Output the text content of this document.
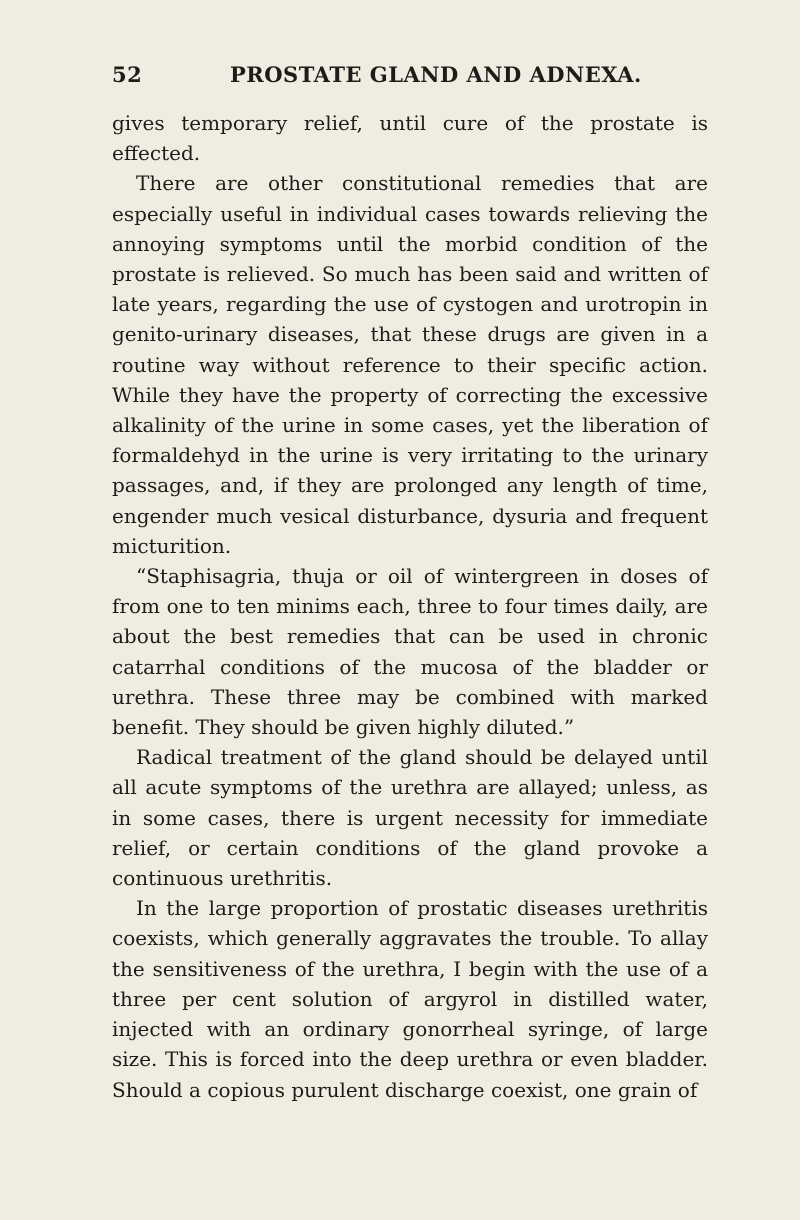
52	PROSTATE GLAND AND ADNEXA.

gives temporary relief, until cure of the prostate is effected.

There are other constitutional remedies that are especially useful in individual cases towards relieving the annoying symptoms until the morbid condition of the prostate is relieved. So much has been said and written of late years, regarding the use of cystogen and urotropin in genito-urinary diseases, that these drugs are given in a routine way without reference to their specific action. While they have the property of correcting the excessive alkalinity of the urine in some cases, yet the liberation of formaldehyd in the urine is very irritating to the urinary passages, and, if they are prolonged any length of time, engender much vesical disturbance, dysuria and frequent micturition.

“Staphisagria, thuja or oil of wintergreen in doses of from one to ten minims each, three to four times daily, are about the best remedies that can be used in chronic catarrhal conditions of the mucosa of the bladder or urethra. These three may be combined with marked benefit. They should be given highly diluted.”

Radical treatment of the gland should be delayed until all acute symptoms of the urethra are allayed; unless, as in some cases, there is urgent necessity for immediate relief, or certain conditions of the gland provoke a continuous urethritis.

In the large proportion of prostatic diseases urethritis coexists, which generally aggravates the trouble. To allay the sensitiveness of the urethra, I begin with the use of a three per cent solution of argyrol in distilled water, injected with an ordinary gonorrheal syringe, of large size. This is forced into the deep urethra or even bladder. Should a copious purulent discharge coexist, one grain of
